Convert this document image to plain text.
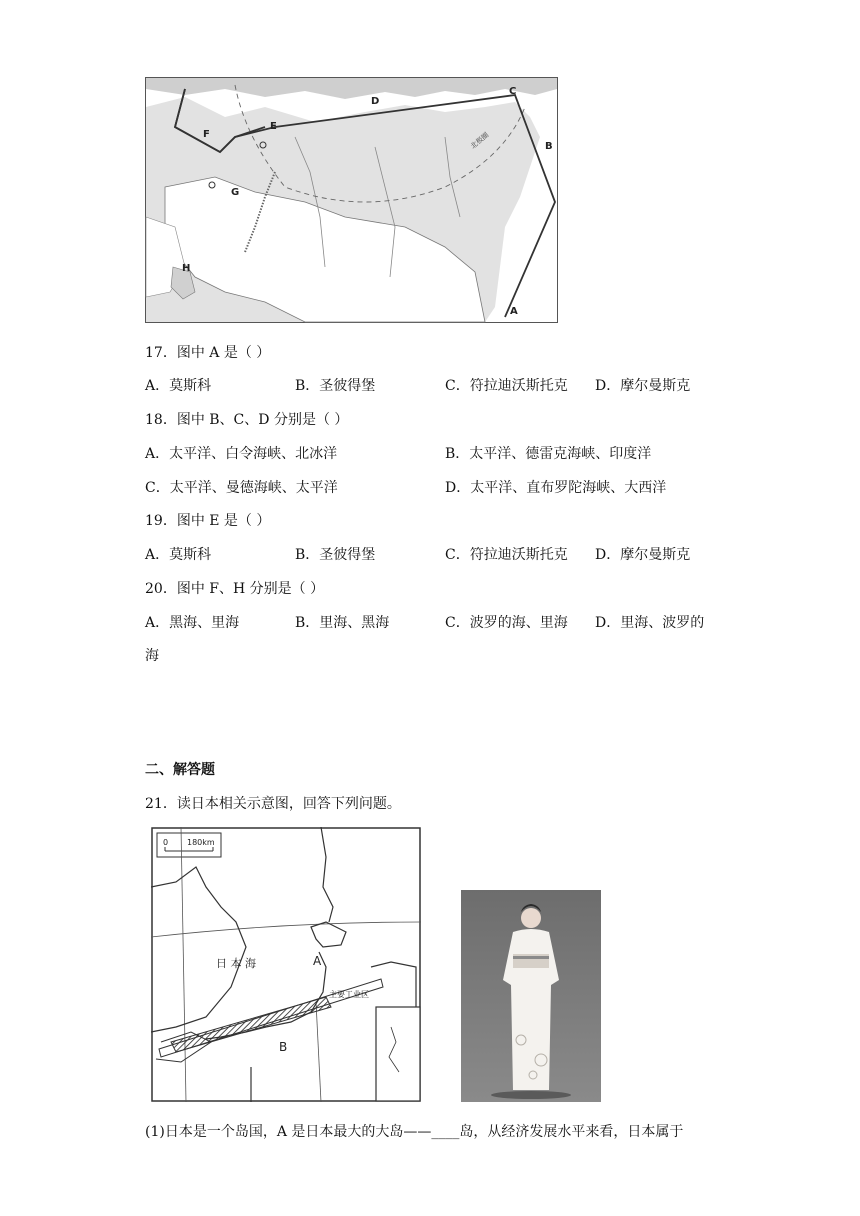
D
C
B
A
E
F
G
H
北极圈
17．图中 A 是（ ）
A．莫斯科	B．圣彼得堡	C．符拉迪沃斯托克 D．摩尔曼斯克
18．图中 B、C、D 分别是（ ）
A．太平洋、白令海峡、北冰洋	B．太平洋、德雷克海峡、印度洋
C．太平洋、曼德海峡、太平洋	D．太平洋、直布罗陀海峡、大西洋
19．图中 E 是（ ）
A．莫斯科	B．圣彼得堡	C．符拉迪沃斯托克 D．摩尔曼斯克
20．图中 F、H 分别是（ ）
A．黑海、里海	B．里海、黑海	C．波罗的海、里海 D．里海、波罗的
海
二、解答题
21．读日本相关示意图，回答下列问题。
0 180km
日 本 海	A
B
主要工业区
(1)日本是一个岛国，A 是日本最大的大岛——____岛，从经济发展水平来看，日本属于
